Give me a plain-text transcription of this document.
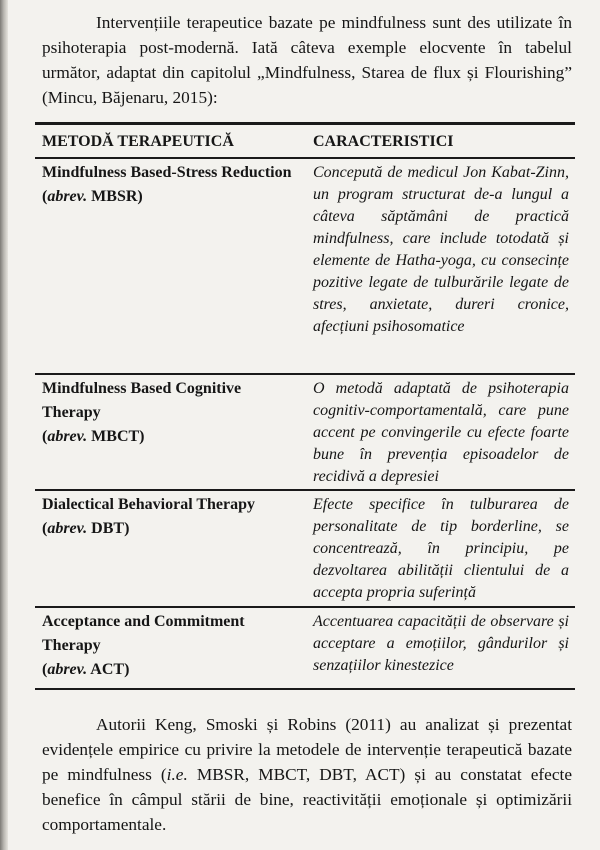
Intervențiile terapeutice bazate pe mindfulness sunt des utilizate în psihoterapia post-modernă. Iată câteva exemple elocvente în tabelul următor, adaptat din capitolul „Mindfulness, Starea de flux și Flourishing” (Mincu, Băjenaru, 2015):

METODĂ TERAPEUTICĂ	CARACTERISTICI
Mindfulness Based-Stress Reduction
(abrev. MBSR)
Concepută de medicul Jon Kabat-Zinn, un program structurat de-a lungul a câteva săptămâni de practică mindfulness, care include totodată și elemente de Hatha-yoga, cu consecințe pozitive legate de tulburările legate de stres, anxietate, dureri cronice, afecțiuni psihosomatice
Mindfulness Based Cognitive Therapy
(abrev. MBCT)
O metodă adaptată de psihoterapia cognitiv-comportamentală, care pune accent pe convingerile cu efecte foarte bune în prevenția episoadelor de recidivă a depresiei
Dialectical Behavioral Therapy
(abrev. DBT)
Efecte specifice în tulburarea de personalitate de tip borderline, se concentrează, în principiu, pe dezvoltarea abilității clientului de a accepta propria suferință
Acceptance and Commitment Therapy
(abrev. ACT)
Accentuarea capacității de observare și acceptare a emoțiilor, gândurilor și senzațiilor kinestezice

Autorii Keng, Smoski și Robins (2011) au analizat și prezentat evidențele empirice cu privire la metodele de intervenție terapeutică bazate pe mindfulness (i.e. MBSR, MBCT, DBT, ACT) și au constatat efecte benefice în câmpul stării de bine, reactivității emoționale și optimizării comportamentale.
